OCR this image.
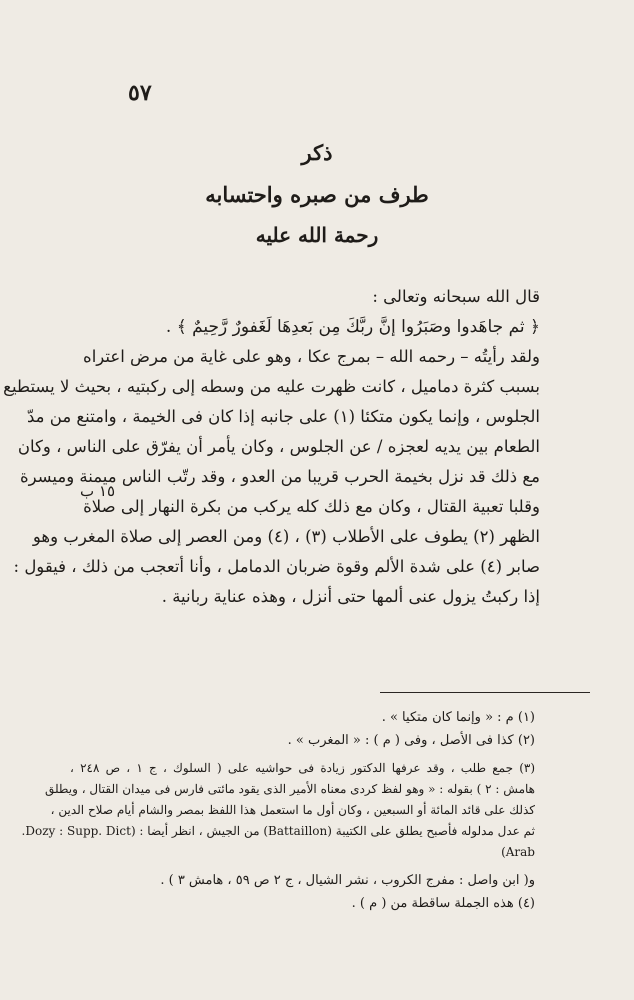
٥٧
ذكر
طرف من صبره واحتسابه
رحمة الله عليه
قال الله سبحانه وتعالى :
﴿ ثم جاهَدوا وصَبَرُوا إنَّ ربَّكَ مِن بَعدِهَا لَغَفورٌ رَّحِيمٌ ﴾ .
ولقد رأيتُه – رحمه الله – بمرج عكا ، وهو على غاية من مرض اعتراه
بسبب كثرة دماميل ، كانت ظهرت عليه من وسطه إلى ركبتيه ، بحيث لا يستطيع
الجلوس ، وإنما يكون متكئا (١) على جانبه إذا كان فى الخيمة ، وامتنع من مدّ
الطعام بين يديه لعجزه / عن الجلوس ، وكان يأمر أن يفرّق على الناس ، وكان
مع ذلك قد نزل بخيمة الحرب قريبا من العدو ، وقد رتّب الناس ميمنة وميسرة
وقلبا تعبية القتال ، وكان مع ذلك كله يركب من بكرة النهار إلى صلاة
الظهر (٢) يطوف على الأطلاب (٣) ، (٤) ومن العصر إلى صلاة المغرب وهو
صابر (٤) على شدة الألم وقوة ضربان الدمامل ، وأنا أتعجب من ذلك ، فيقول :
إذا ركبتُ يزول عنى ألمها حتى أنزل ، وهذه عناية ربانية .
١٥ ب
(١) م : « وإنما كان متكيا » .
(٢) كذا فى الأصل ، وفى ( م ) : « المغرب » .
(٣) جمع طلب ، وقد عرفها الدكتور زيادة فى حواشيه على ( السلوك ، ج ١ ، ص ٢٤٨ ،
هامش : ٢ ) بقوله : « وهو لفظ كردى معناه الأمير الذى يقود مائتى فارس فى ميدان القتال ، ويطلق
كذلك على قائد المائة أو السبعين ، وكان أول ما استعمل هذا اللفظ بمصر والشام أيام صلاح الدين ،
ثم عدل مدلوله فأصبح يطلق على الكتيبة (Battaillon) من الجيش ، انظر أيضا : (Dozy : Supp. Dict.
Arab)
و( ابن واصل : مفرج الكروب ، نشر الشيال ، ج ٢ ص ٥٩ ، هامش ٣ ) .
(٤) هذه الجملة ساقطة من ( م ) .
